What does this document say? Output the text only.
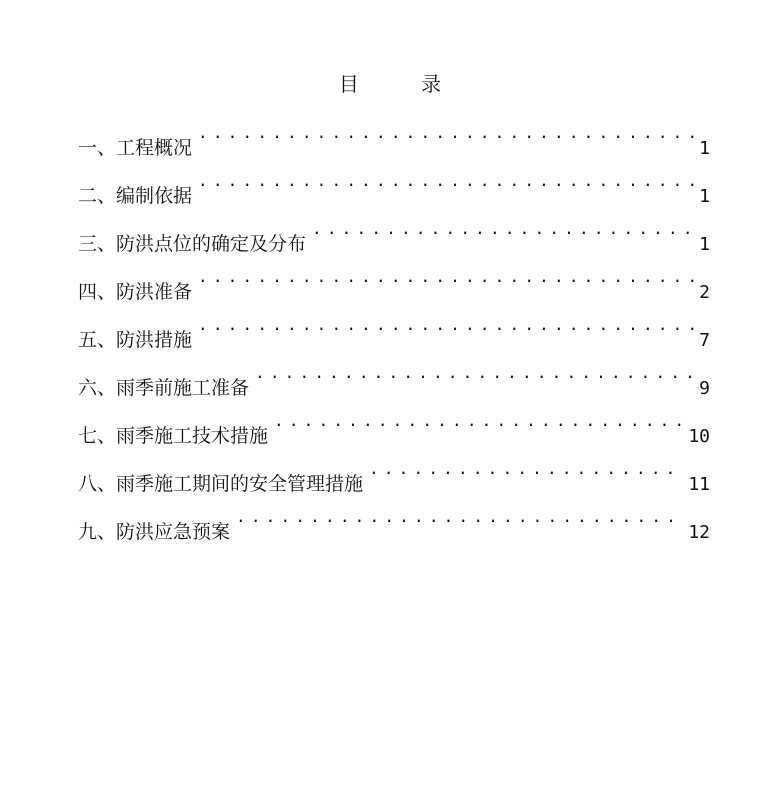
目 录
一、工程概况 .....	1
二、编制依据 .....	1
三、防洪点位的确定及分布 .....	1
四、防洪准备 .....	2
五、防洪措施 .....	7
六、雨季前施工准备 .....	9
七、雨季施工技术措施 .....	10
八、雨季施工期间的安全管理措施 .....	11
九、防洪应急预案 .....	12
